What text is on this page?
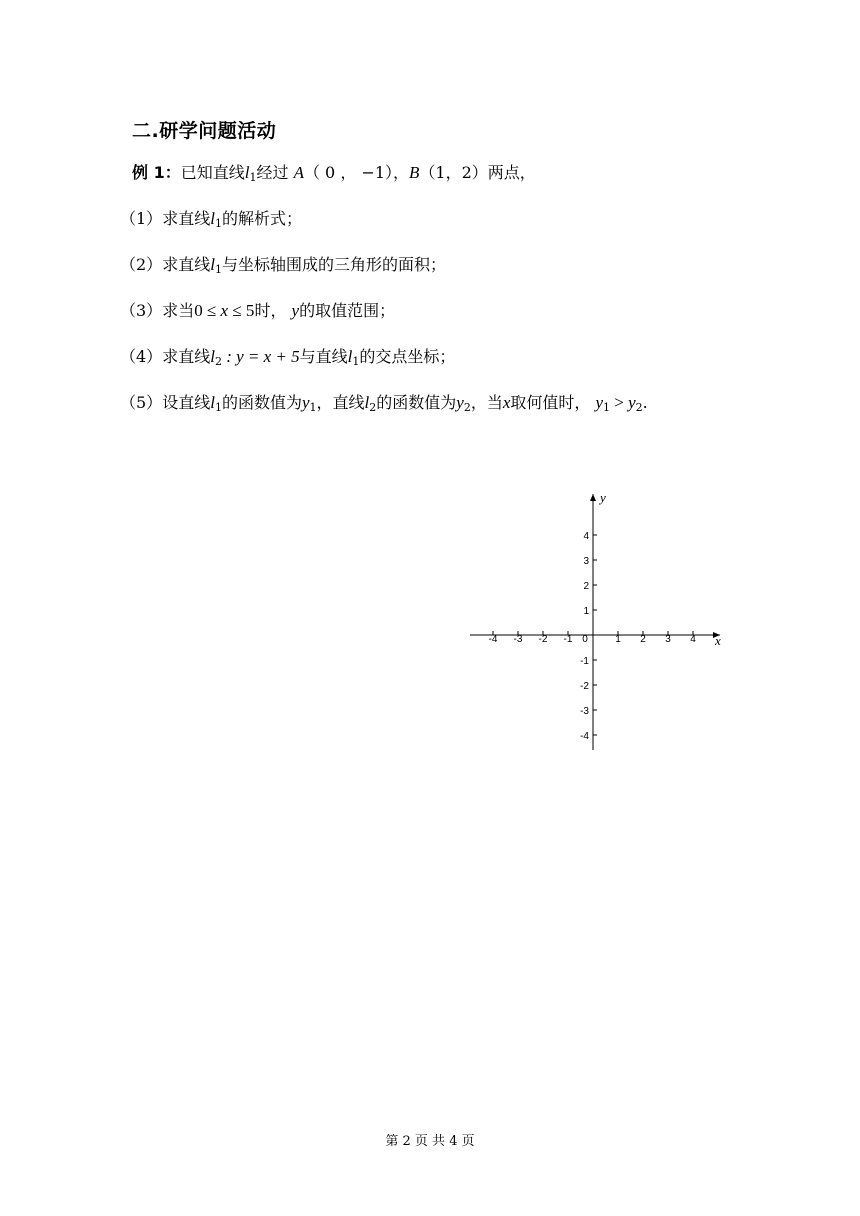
二.研学问题活动
例 1：已知直线$l_1$经过 A（ 0 ， −1），B（1，2）两点，
（1）求直线$l_1$的解析式；
（2）求直线$l_1$与坐标轴围成的三角形的面积；
（3）求当0 ≤ x ≤ 5时， y的取值范围；
（4）求直线$l_2$ : y = x + 5与直线$l_1$的交点坐标；
（5）设直线$l_1$的函数值为$y_1$，直线$l_2$的函数值为$y_2$，当x取何值时， $y_1 > y_2$.
-4 -3 -2 -1	1 2 3 4
4
3
2
1
-1
-2
-3
-4
0	x
y
第 2 页 共 4 页
